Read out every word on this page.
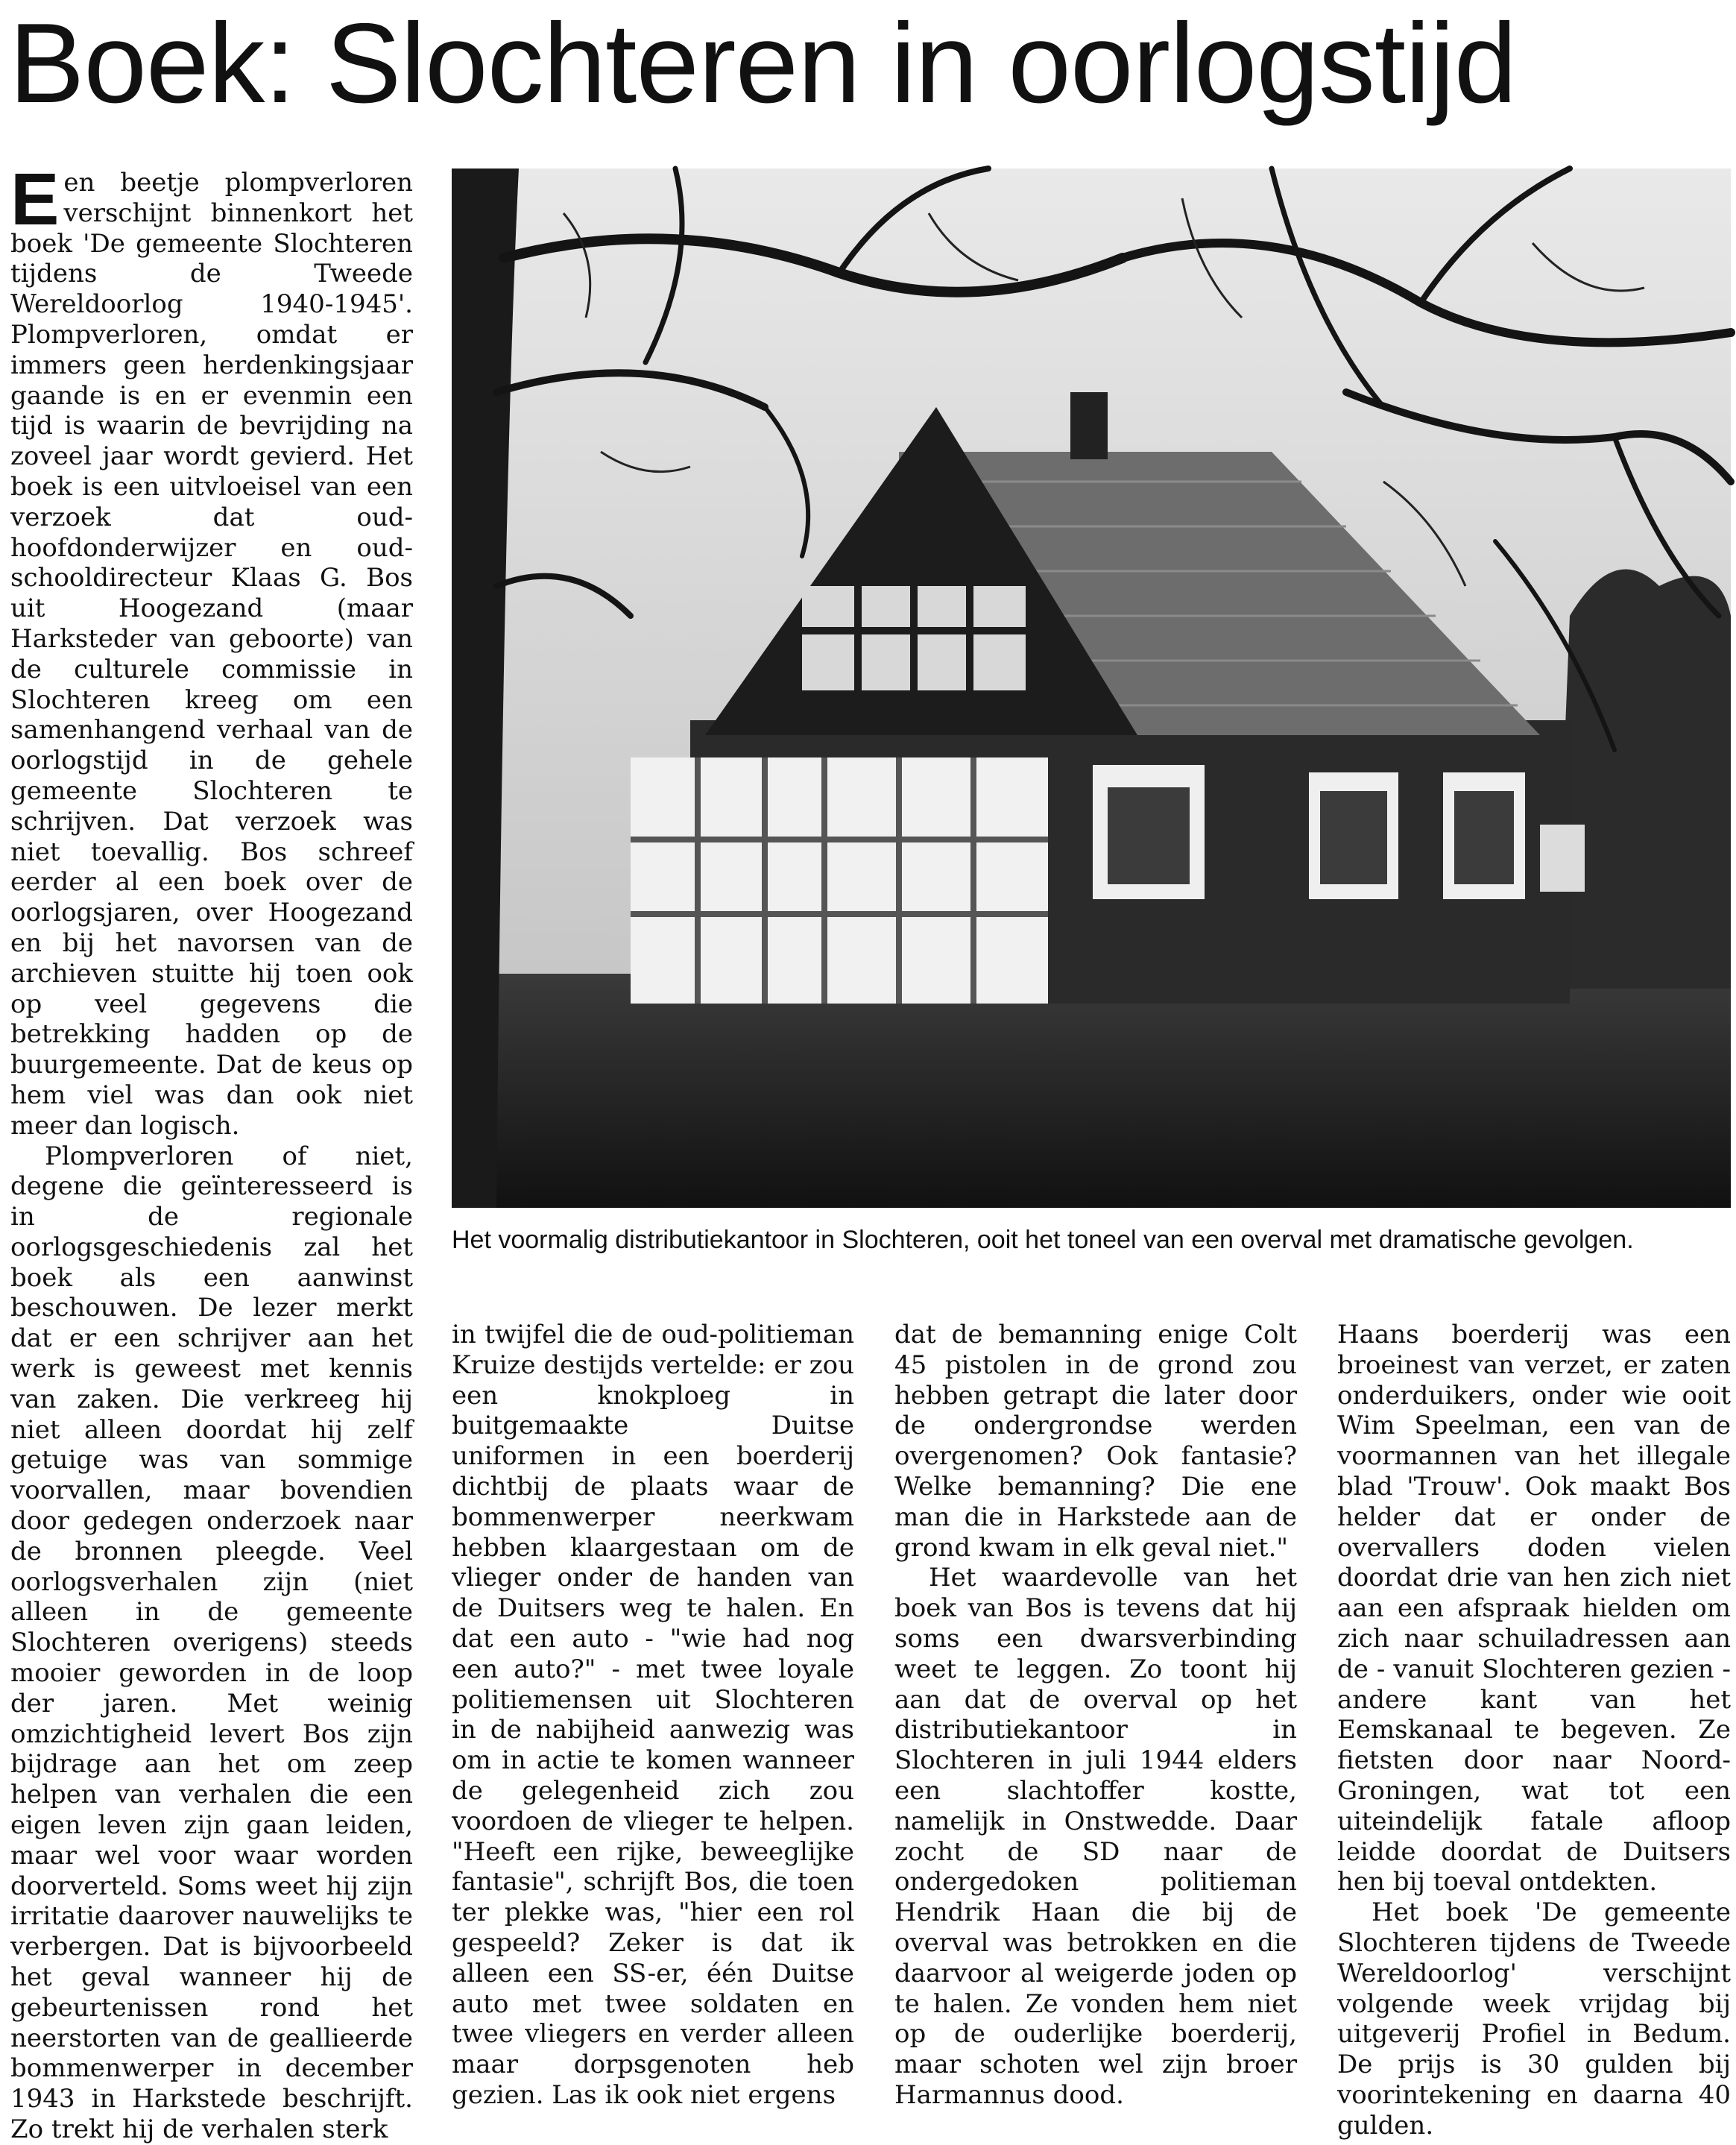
Boek: Slochteren in oorlogstijd

Een beetje plompverloren verschijnt binnenkort het boek 'De gemeente Slochteren tijdens de Tweede Wereldoorlog 1940-1945'. Plompverloren, omdat er immers geen herdenkingsjaar gaande is en er evenmin een tijd is waarin de bevrijding na zoveel jaar wordt gevierd. Het boek is een uitvloeisel van een verzoek dat oud-hoofdonderwijzer en oud-schooldirecteur Klaas G. Bos uit Hoogezand (maar Harksteder van geboorte) van de culturele commissie in Slochteren kreeg om een samenhangend verhaal van de oorlogstijd in de gehele gemeente Slochteren te schrijven. Dat verzoek was niet toevallig. Bos schreef eerder al een boek over de oorlogsjaren, over Hoogezand en bij het navorsen van de archieven stuitte hij toen ook op veel gegevens die betrekking hadden op de buurgemeente. Dat de keus op hem viel was dan ook niet meer dan logisch.

Plompverloren of niet, degene die geïnteresseerd is in de regionale oorlogsgeschiedenis zal het boek als een aanwinst beschouwen. De lezer merkt dat er een schrijver aan het werk is geweest met kennis van zaken. Die verkreeg hij niet alleen doordat hij zelf getuige was van sommige voorvallen, maar bovendien door gedegen onderzoek naar de bronnen pleegde. Veel oorlogsverhalen zijn (niet alleen in de gemeente Slochteren overigens) steeds mooier geworden in de loop der jaren. Met weinig omzichtigheid levert Bos zijn bijdrage aan het om zeep helpen van verhalen die een eigen leven zijn gaan leiden, maar wel voor waar worden doorverteld. Soms weet hij zijn irritatie daarover nauwelijks te verbergen. Dat is bijvoorbeeld het geval wanneer hij de gebeurtenissen rond het neerstorten van de geallieerde bommenwerper in december 1943 in Harkstede beschrijft. Zo trekt hij de verhalen sterk

Het voormalig distributiekantoor in Slochteren, ooit het toneel van een overval met dramatische gevolgen.

in twijfel die de oud-politieman Kruize destijds vertelde: er zou een knokploeg in buitgemaakte Duitse uniformen in een boerderij dichtbij de plaats waar de bommenwerper neerkwam hebben klaargestaan om de vlieger onder de handen van de Duitsers weg te halen. En dat een auto - "wie had nog een auto?" - met twee loyale politiemensen uit Slochteren in de nabijheid aanwezig was om in actie te komen wanneer de gelegenheid zich zou voordoen de vlieger te helpen. "Heeft een rijke, beweeglijke fantasie", schrijft Bos, die toen ter plekke was, "hier een rol gespeeld? Zeker is dat ik alleen een SS-er, één Duitse auto met twee soldaten en twee vliegers en verder alleen maar dorpsgenoten heb gezien. Las ik ook niet ergens

dat de bemanning enige Colt 45 pistolen in de grond zou hebben getrapt die later door de ondergrondse werden overgenomen? Ook fantasie? Welke bemanning? Die ene man die in Harkstede aan de grond kwam in elk geval niet."

Het waardevolle van het boek van Bos is tevens dat hij soms een dwarsverbinding weet te leggen. Zo toont hij aan dat de overval op het distributiekantoor in Slochteren in juli 1944 elders een slachtoffer kostte, namelijk in Onstwedde. Daar zocht de SD naar de ondergedoken politieman Hendrik Haan die bij de overval was betrokken en die daarvoor al weigerde joden op te halen. Ze vonden hem niet op de ouderlijke boerderij, maar schoten wel zijn broer Harmannus dood.

Haans boerderij was een broeinest van verzet, er zaten onderduikers, onder wie ooit Wim Speelman, een van de voormannen van het illegale blad 'Trouw'. Ook maakt Bos helder dat er onder de overvallers doden vielen doordat drie van hen zich niet aan een afspraak hielden om zich naar schuiladressen aan de - vanuit Slochteren gezien - andere kant van het Eemskanaal te begeven. Ze fietsten door naar Noord-Groningen, wat tot een uiteindelijk fatale afloop leidde doordat de Duitsers hen bij toeval ontdekten.

Het boek 'De gemeente Slochteren tijdens de Tweede Wereldoorlog' verschijnt volgende week vrijdag bij uitgeverij Profiel in Bedum. De prijs is 30 gulden bij voorintekening en daarna 40 gulden.
